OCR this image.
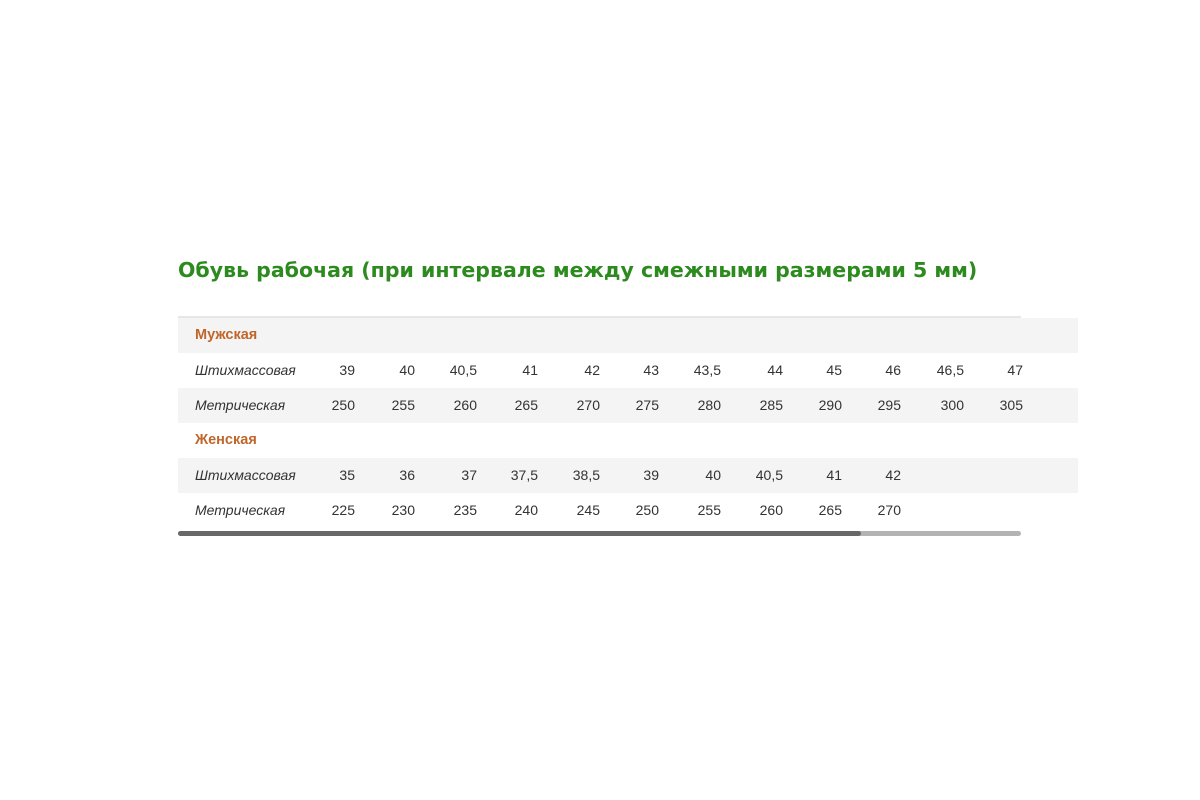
Обувь рабочая (при интервале между смежными размерами 5 мм)
Мужская
Штихмассовая	39	40	40,5	41	42	43	43,5	44	45	46	46,5	47
Метрическая	250	255	260	265	270	275	280	285	290	295	300	305
Женская
Штихмассовая	35	36	37	37,5	38,5	39	40	40,5	41	42
Метрическая	225	230	235	240	245	250	255	260	265	270
